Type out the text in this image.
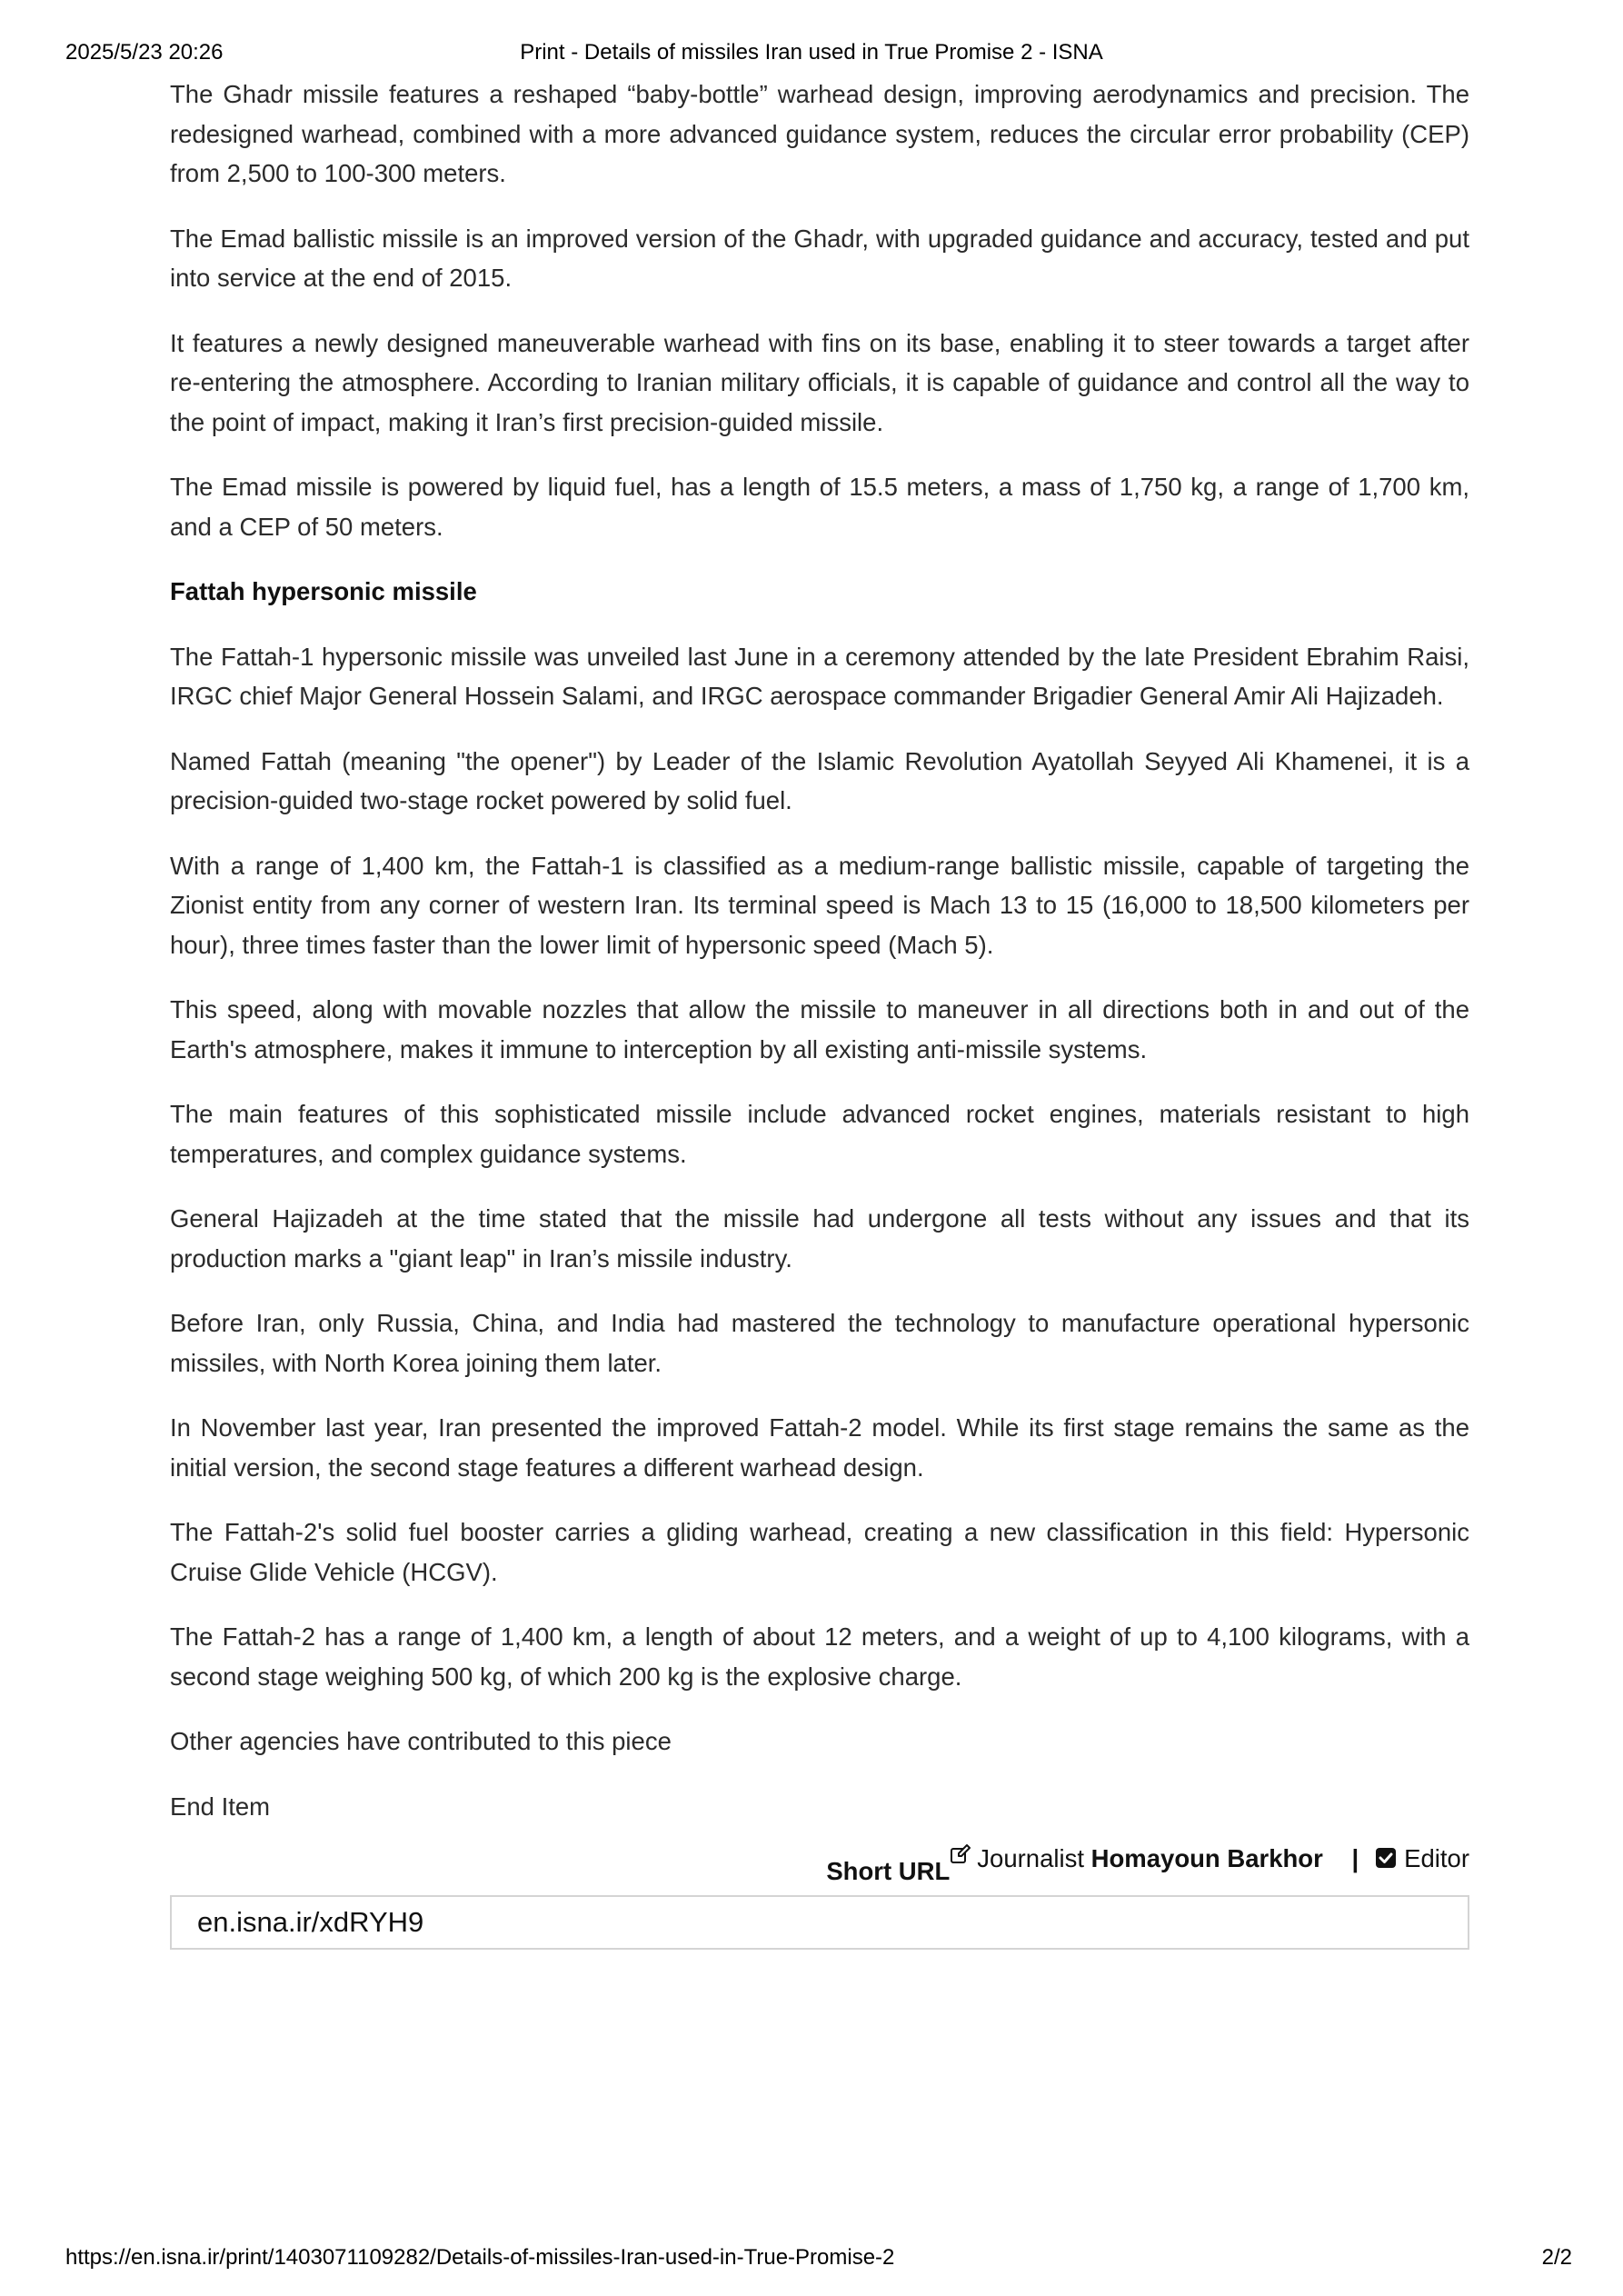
2025/5/23 20:26	Print - Details of missiles Iran used in True Promise 2 - ISNA

The Ghadr missile features a reshaped “baby-bottle” warhead design, improving aerodynamics and precision. The redesigned warhead, combined with a more advanced guidance system, reduces the circular error probability (CEP) from 2,500 to 100-300 meters.

The Emad ballistic missile is an improved version of the Ghadr, with upgraded guidance and accuracy, tested and put into service at the end of 2015.

It features a newly designed maneuverable warhead with fins on its base, enabling it to steer towards a target after re-entering the atmosphere. According to Iranian military officials, it is capable of guidance and control all the way to the point of impact, making it Iran’s first precision-guided missile.

The Emad missile is powered by liquid fuel, has a length of 15.5 meters, a mass of 1,750 kg, a range of 1,700 km, and a CEP of 50 meters.

Fattah hypersonic missile

The Fattah-1 hypersonic missile was unveiled last June in a ceremony attended by the late President Ebrahim Raisi, IRGC chief Major General Hossein Salami, and IRGC aerospace commander Brigadier General Amir Ali Hajizadeh.

Named Fattah (meaning "the opener") by Leader of the Islamic Revolution Ayatollah Seyyed Ali Khamenei, it is a precision-guided two-stage rocket powered by solid fuel.

With a range of 1,400 km, the Fattah-1 is classified as a medium-range ballistic missile, capable of targeting the Zionist entity from any corner of western Iran. Its terminal speed is Mach 13 to 15 (16,000 to 18,500 kilometers per hour), three times faster than the lower limit of hypersonic speed (Mach 5).

This speed, along with movable nozzles that allow the missile to maneuver in all directions both in and out of the Earth's atmosphere, makes it immune to interception by all existing anti-missile systems.

The main features of this sophisticated missile include advanced rocket engines, materials resistant to high temperatures, and complex guidance systems.

General Hajizadeh at the time stated that the missile had undergone all tests without any issues and that its production marks a "giant leap" in Iran’s missile industry.

Before Iran, only Russia, China, and India had mastered the technology to manufacture operational hypersonic missiles, with North Korea joining them later.

In November last year, Iran presented the improved Fattah-2 model. While its first stage remains the same as the initial version, the second stage features a different warhead design.

The Fattah-2's solid fuel booster carries a gliding warhead, creating a new classification in this field: Hypersonic Cruise Glide Vehicle (HCGV).

The Fattah-2 has a range of 1,400 km, a length of about 12 meters, and a weight of up to 4,100 kilograms, with a second stage weighing 500 kg, of which 200 kg is the explosive charge.

Other agencies have contributed to this piece

End Item

Short URL Journalist Homayoun Barkhor | Editor
en.isna.ir/xdRYH9
https://en.isna.ir/print/1403071109282/Details-of-missiles-Iran-used-in-True-Promise-2	2/2
